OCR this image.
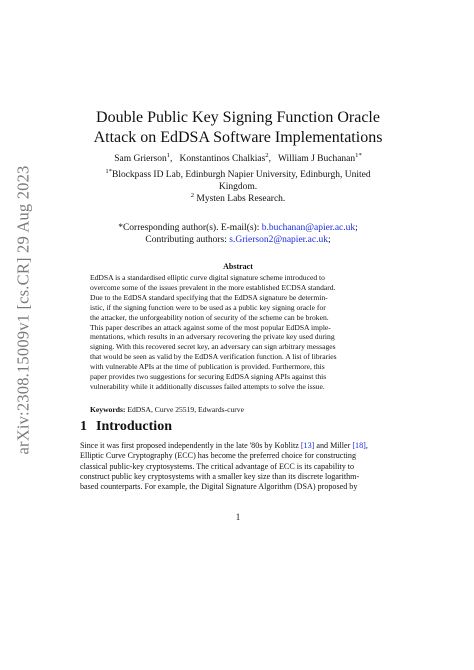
arXiv:2308.15009v1 [cs.CR] 29 Aug 2023
Double Public Key Signing Function Oracle
Attack on EdDSA Software Implementations
Sam Grierson$^1$,   Konstantinos Chalkias$^2$,   William J Buchanan$^{1*}$
$^{1*}$Blockpass ID Lab, Edinburgh Napier University, Edinburgh, United
Kingdom.
$^2$ Mysten Labs Research.
*Corresponding author(s). E-mail(s): b.buchanan@apier.ac.uk;
Contributing authors: s.Grierson2@napier.ac.uk;
Abstract
EdDSA is a standardised elliptic curve digital signature scheme introduced to
overcome some of the issues prevalent in the more established ECDSA standard.
Due to the EdDSA standard specifying that the EdDSA signature be determin-
istic, if the signing function were to be used as a public key signing oracle for
the attacker, the unforgeability notion of security of the scheme can be broken.
This paper describes an attack against some of the most popular EdDSA imple-
mentations, which results in an adversary recovering the private key used during
signing. With this recovered secret key, an adversary can sign arbitrary messages
that would be seen as valid by the EdDSA verification function. A list of libraries
with vulnerable APIs at the time of publication is provided. Furthermore, this
paper provides two suggestions for securing EdDSA signing APIs against this
vulnerability while it additionally discusses failed attempts to solve the issue.
Keywords: EdDSA, Curve 25519, Edwards-curve
1 Introduction
Since it was first proposed independently in the late '80s by Koblitz [13] and Miller [18],
Elliptic Curve Cryptography (ECC) has become the preferred choice for constructing
classical public-key cryptosystems. The critical advantage of ECC is its capability to
construct public key cryptosystems with a smaller key size than its discrete logarithm-
based counterparts. For example, the Digital Signature Algorithm (DSA) proposed by
1
